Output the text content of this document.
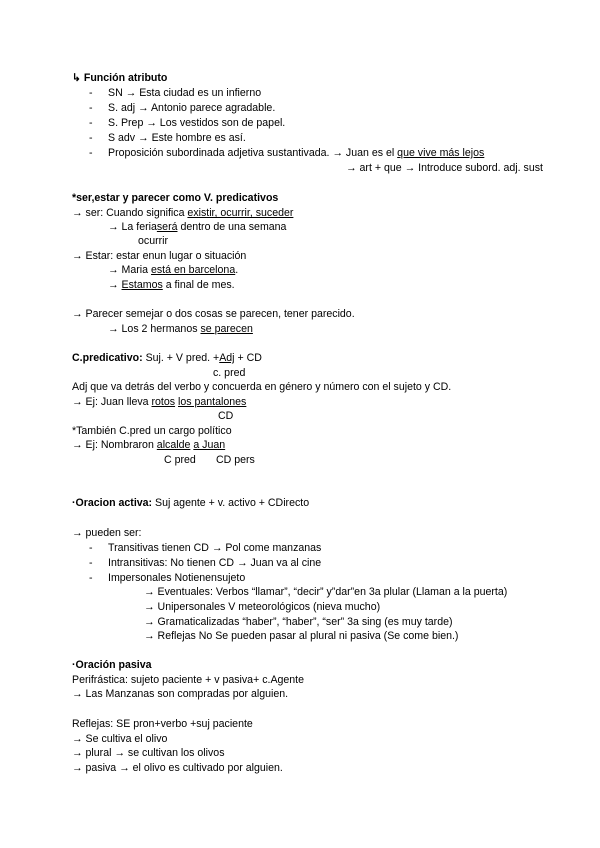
↳ Función atributo
- SN → Esta ciudad es un infierno
- S. adj → Antonio parece agradable.
- S. Prep → Los vestidos son de papel.
- S adv → Este hombre es así.
- Proposición subordinada adjetiva sustantivada. → Juan es el que vive más lejos
→ art + que → Introduce subord. adj. sust
*ser,estar y parecer como V. predicativos
→ ser: Cuando significa existir, ocurrir, suceder
→ La feriaserá dentro de una semana
ocurrir
→ Estar: estar enun lugar o situación
→ Maria está en barcelona.
→ Estamos a final de mes.
→ Parecer semejar o dos cosas se parecen, tener parecido.
→ Los 2 hermanos se parecen
C.predicativo: Suj. + V pred. +Adj + CD
c. pred
Adj que va detrás del verbo y concuerda en género y número con el sujeto y CD.
→ Ej: Juan lleva rotos los pantalones
CD
*También C.pred un cargo político
→ Ej: Nombraron alcalde a Juan
C pred CD pers
·Oracion activa: Suj agente + v. activo + CDirecto
→ pueden ser:
- Transitivas tienen CD → Pol come manzanas
- Intransitivas: No tienen CD → Juan va al cine
- Impersonales Notienensujeto
→ Eventuales: Verbos “llamar”, “decir” y”dar”en 3a plular (Llaman a la puerta)
→ Unipersonales V meteorológicos (nieva mucho)
→ Gramaticalizadas “haber”, “haber”, “ser” 3a sing (es muy tarde)
→ Reflejas No Se pueden pasar al plural ni pasiva (Se come bien.)
·Oración pasiva
Perifrástica: sujeto paciente + v pasiva+ c.Agente
→ Las Manzanas son compradas por alguien.
Reflejas: SE pron+verbo +suj paciente
→ Se cultiva el olivo
→ plural → se cultivan los olivos
→ pasiva → el olivo es cultivado por alguien.
